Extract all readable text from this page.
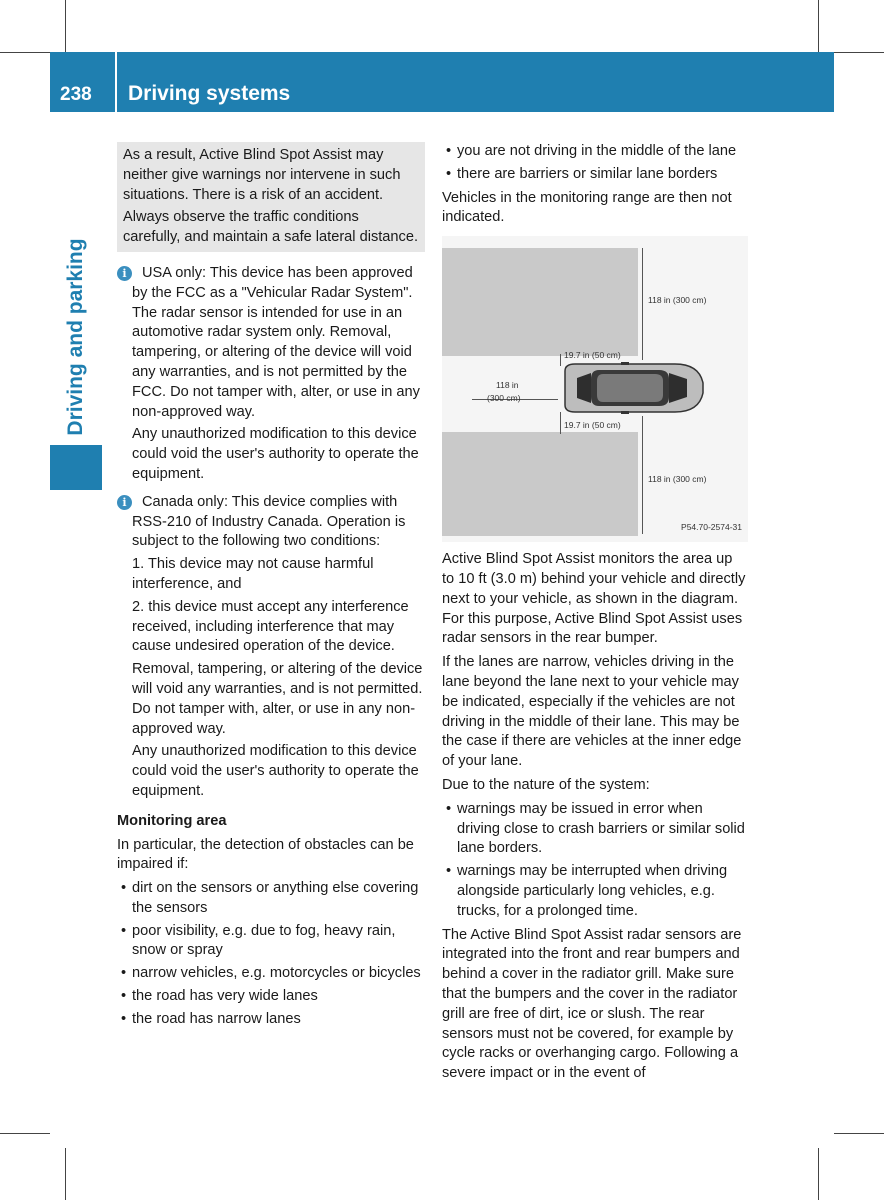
238	Driving systems
Driving and parking

As a result, Active Blind Spot Assist may neither give warnings nor intervene in such situations. There is a risk of an accident.

Always observe the traffic conditions carefully, and maintain a safe lateral distance.

i	USA only: This device has been approved by the FCC as a "Vehicular Radar System". The radar sensor is intended for use in an automotive radar system only. Removal, tampering, or altering of the device will void any warranties, and is not permitted by the FCC. Do not tamper with, alter, or use in any non-approved way.

Any unauthorized modification to this device could void the user's authority to operate the equipment.

i	Canada only: This device complies with RSS-210 of Industry Canada. Operation is subject to the following two conditions:

1. This device may not cause harmful interference, and

2. this device must accept any interference received, including interference that may cause undesired operation of the device.

Removal, tampering, or altering of the device will void any warranties, and is not permitted. Do not tamper with, alter, or use in any non-approved way.

Any unauthorized modification to this device could void the user's authority to operate the equipment.

Monitoring area

In particular, the detection of obstacles can be impaired if:

• dirt on the sensors or anything else covering the sensors
• poor visibility, e.g. due to fog, heavy rain, snow or spray
• narrow vehicles, e.g. motorcycles or bicycles
• the road has very wide lanes
• the road has narrow lanes
• you are not driving in the middle of the lane
• there are barriers or similar lane borders

Vehicles in the monitoring range are then not indicated.

118 in (300 cm)
19.7 in (50 cm)
118 in
(300 cm)
19.7 in (50 cm)
118 in (300 cm)
P54.70-2574-31

Active Blind Spot Assist monitors the area up to 10 ft (3.0 m) behind your vehicle and directly next to your vehicle, as shown in the diagram. For this purpose, Active Blind Spot Assist uses radar sensors in the rear bumper.

If the lanes are narrow, vehicles driving in the lane beyond the lane next to your vehicle may be indicated, especially if the vehicles are not driving in the middle of their lane. This may be the case if there are vehicles at the inner edge of your lane.

Due to the nature of the system:

• warnings may be issued in error when driving close to crash barriers or similar solid lane borders.
• warnings may be interrupted when driving alongside particularly long vehicles, e.g. trucks, for a prolonged time.

The Active Blind Spot Assist radar sensors are integrated into the front and rear bumpers and behind a cover in the radiator grill. Make sure that the bumpers and the cover in the radiator grill are free of dirt, ice or slush. The rear sensors must not be covered, for example by cycle racks or overhanging cargo. Following a severe impact or in the event of
